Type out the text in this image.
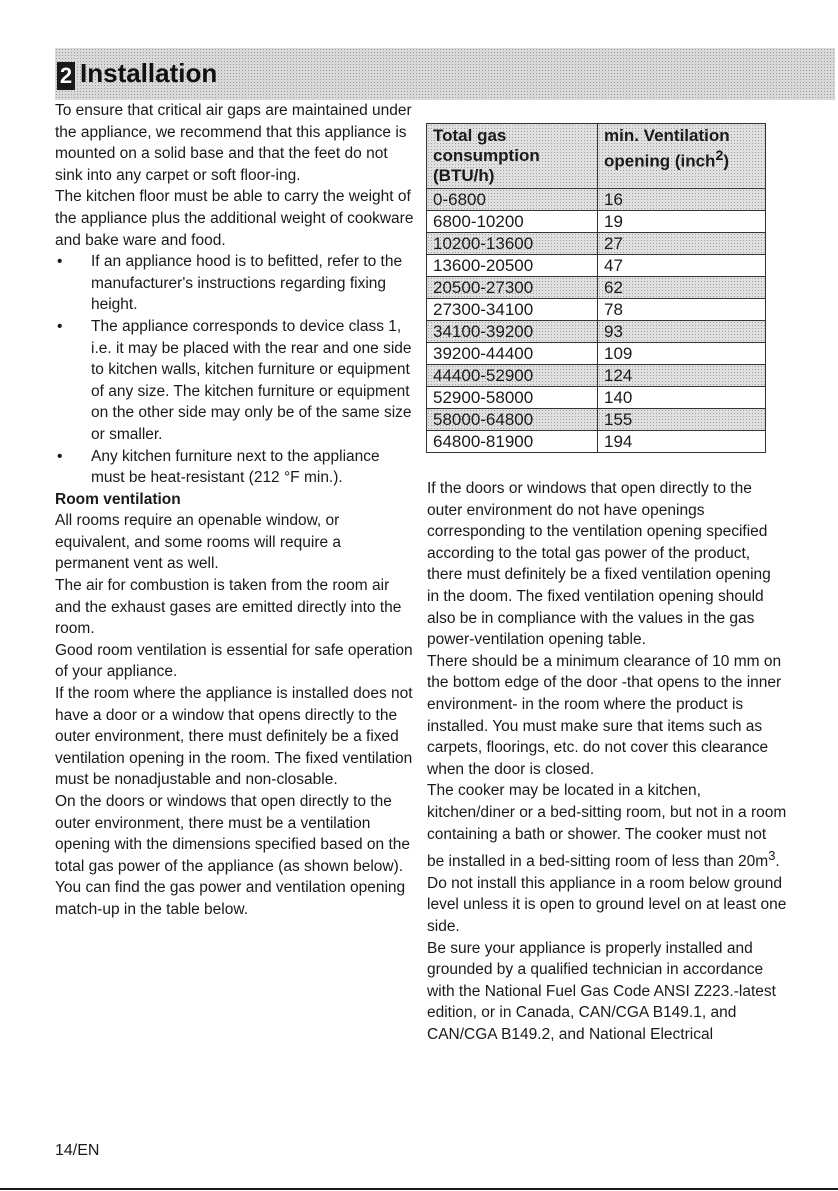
2 Installation

To ensure that critical air gaps are maintained under the appliance, we recommend that this appliance is mounted on a solid base and that the feet do not sink into any carpet or soft floor-ing.

The kitchen floor must be able to carry the weight of the appliance plus the additional weight of cookware and bake ware and food.

• If an appliance hood is to befitted, refer to the manufacturer's instructions regarding fixing height.

• The appliance corresponds to device class 1, i.e. it may be placed with the rear and one side to kitchen walls, kitchen furniture or equipment of any size. The kitchen furniture or equipment on the other side may only be of the same size or smaller.

• Any kitchen furniture next to the appliance must be heat-resistant (212 °F min.).

Room ventilation

All rooms require an openable window, or equivalent, and some rooms will require a permanent vent as well.

The air for combustion is taken from the room air and the exhaust gases are emitted directly into the room.

Good room ventilation is essential for safe operation of your appliance.

If the room where the appliance is installed does not have a door or a window that opens directly to the outer environment, there must definitely be a fixed ventilation opening in the room. The fixed ventilation must be nonadjustable and non-closable.

On the doors or windows that open directly to the outer environment, there must be a ventilation opening with the dimensions specified based on the total gas power of the appliance (as shown below). You can find the gas power and ventilation opening match-up in the table below.

Total gas consumption (BTU/h)	min. Ventilation opening (inch$^2$)
0-6800	16
6800-10200	19
10200-13600	27
13600-20500	47
20500-27300	62
27300-34100	78
34100-39200	93
39200-44400	109
44400-52900	124
52900-58000	140
58000-64800	155
64800-81900	194

If the doors or windows that open directly to the outer environment do not have openings corresponding to the ventilation opening specified according to the total gas power of the product, there must definitely be a fixed ventilation opening in the doom. The fixed ventilation opening should also be in compliance with the values in the gas power-ventilation opening table.

There should be a minimum clearance of 10 mm on the bottom edge of the door -that opens to the inner environment- in the room where the product is installed. You must make sure that items such as carpets, floorings, etc. do not cover this clearance when the door is closed.

The cooker may be located in a kitchen, kitchen/diner or a bed-sitting room, but not in a room containing a bath or shower. The cooker must not be installed in a bed-sitting room of less than $20m^3$.

Do not install this appliance in a room below ground level unless it is open to ground level on at least one side.

Be sure your appliance is properly installed and grounded by a qualified technician in accordance with the National Fuel Gas Code ANSI Z223.-latest edition, or in Canada, CAN/CGA B149.1, and CAN/CGA B149.2, and National Electrical

14/EN
